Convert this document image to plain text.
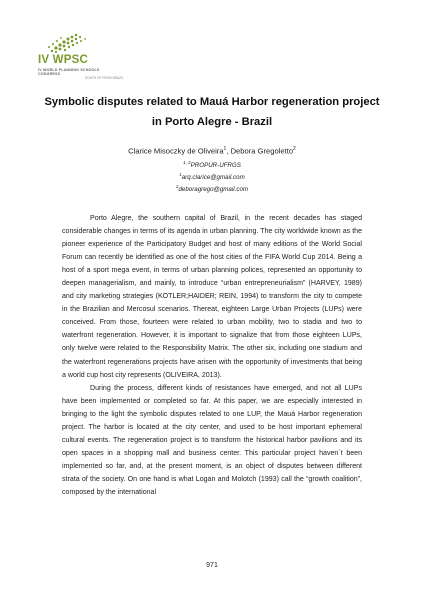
IV WPSC
IV WORLD PLANNING SCHOOLS CONGRESS
SOUTH OF FROM BRAZIL
Symbolic disputes related to Mauá Harbor regeneration project in Porto Alegre - Brazil
Clarice Misoczky de Oliveira$^1$, Debora Gregoletto$^2$
$^{1, 2}$PROPUR-UFRGS
$^1$arq.clarice@gmail.com
$^2$deboragrego@gmail.com

Porto Alegre, the southern capital of Brazil, in the recent decades has staged considerable changes in terms of its agenda in urban planning. The city worldwide known as the pioneer experience of the Participatory Budget and host of many editions of the World Social Forum can recently be identified as one of the host cities of the FIFA World Cup 2014. Being a host of a sport mega event, in terms of urban planning polices, represented an opportunity to deepen managerialism, and mainly, to introduce “urban entrepreneurialism” (HARVEY, 1989) and city marketing strategies (KOTLER;HAIDER; REIN, 1994) to transform the city to compete in the Brazilian and Mercosul scenarios. Thereat, eighteen Large Urban Projects (LUPs) were conceived. From those, fourteen were related to urban mobility, two to stadia and two to waterfront regeneration. However, it is important to signalize that from those eighteen LUPs, only twelve were related to the Responsibility Matrix. The other six, including one stadium and the waterfront regenerations projects have arisen with the opportunity of investments that being a world cup host city represents (OLIVEIRA, 2013).

During the process, different kinds of resistances have emerged, and not all LUPs have been implemented or completed so far. At this paper, we are especially interested in bringing to the light the symbolic disputes related to one LUP, the Mauá Harbor regeneration project. The harbor is located at the city center, and used to be host important ephemeral cultural events. The regeneration project is to transform the historical harbor pavilions and its open spaces in a shopping mall and business center. This particular project haven´t been implemented so far, and, at the present moment, is an object of disputes between different strata of the society. On one hand is what Logan and Molotch (1993) call the “growth coalition”, composed by the international

971
